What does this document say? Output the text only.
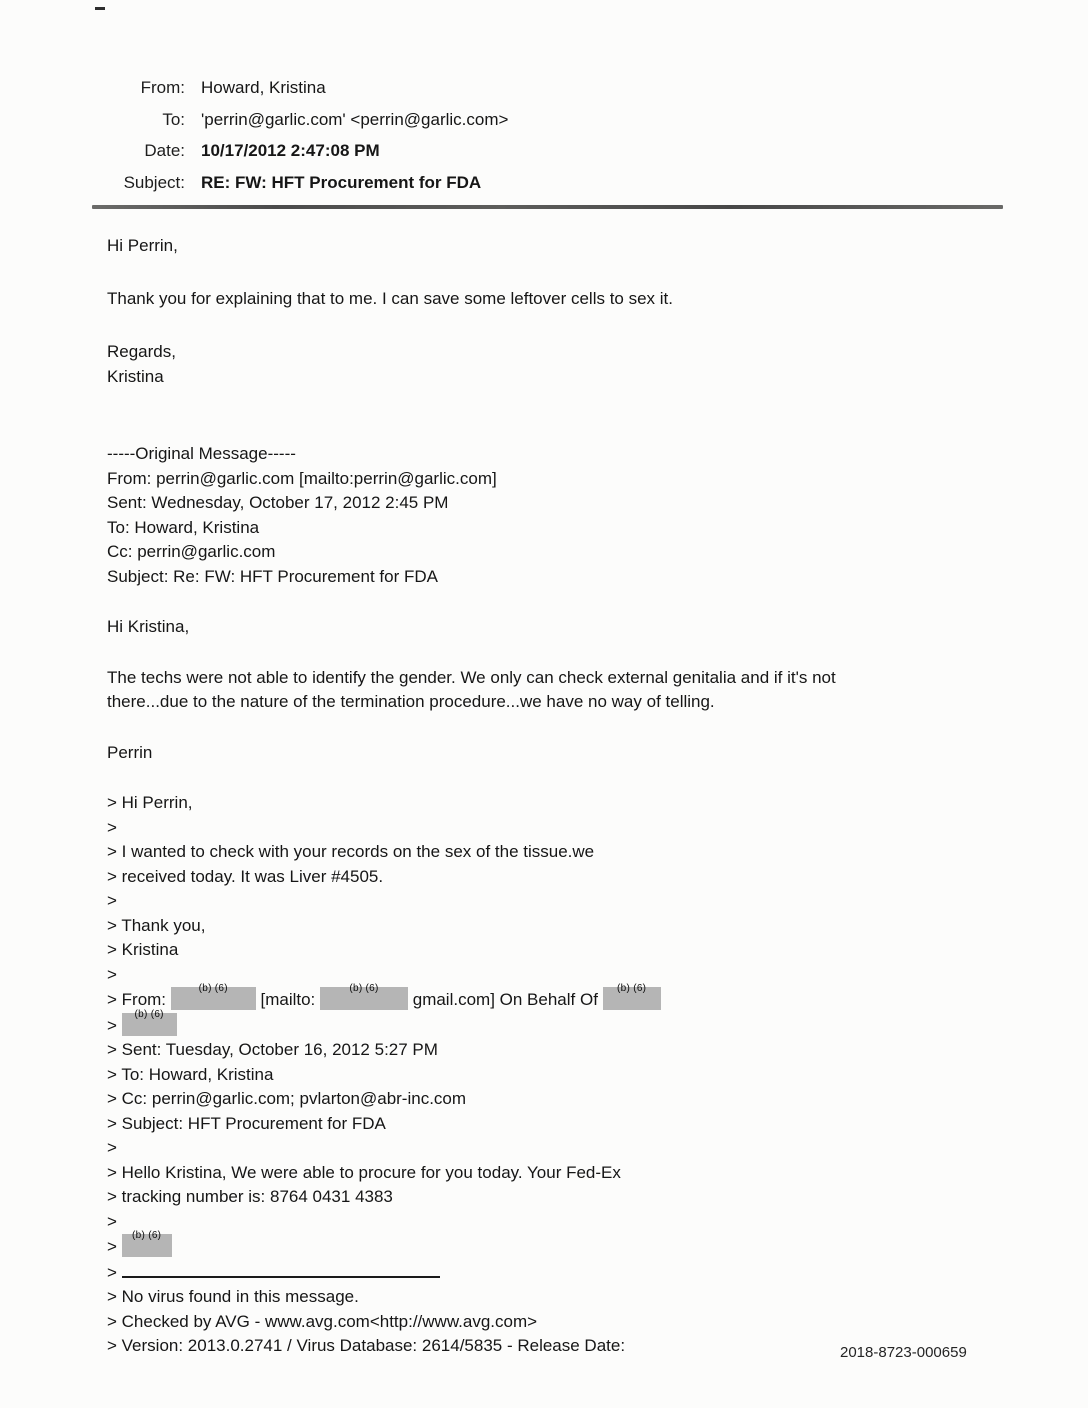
From: Howard, Kristina
To: 'perrin@garlic.com' <perrin@garlic.com>
Date: 10/17/2012 2:47:08 PM
Subject: RE: FW: HFT Procurement for FDA

Hi Perrin,

Thank you for explaining that to me. I can save some leftover cells to sex it.

Regards,

Kristina

-----Original Message-----

From: perrin@garlic.com [mailto:perrin@garlic.com]

Sent: Wednesday, October 17, 2012 2:45 PM

To: Howard, Kristina

Cc: perrin@garlic.com

Subject: Re: FW: HFT Procurement for FDA

Hi Kristina,

The techs were not able to identify the gender. We only can check external genitalia and if it's not

there...due to the nature of the termination procedure...we have no way of telling.

Perrin

> Hi Perrin,
>
> I wanted to check with your records on the sex of the tissue.we
> received today. It was Liver #4505.
>
> Thank you,
> Kristina
>
> From:
(b) (6)
[mailto:
(b) (6)
gmail.com] On Behalf Of
(b) (6)
>
(b) (6)
> Sent: Tuesday, October 16, 2012 5:27 PM
> To: Howard, Kristina
> Cc: perrin@garlic.com; pvlarton@abr-inc.com
> Subject: HFT Procurement for FDA
>
> Hello Kristina, We were able to procure for you today. Your Fed-Ex
> tracking number is: 8764 0431 4383
>
>
(b) (6)
>
> No virus found in this message.
> Checked by AVG - www.avg.com<http://www.avg.com>
> Version: 2013.0.2741 / Virus Database: 2614/5835 - Release Date:	2018-8723-000659
